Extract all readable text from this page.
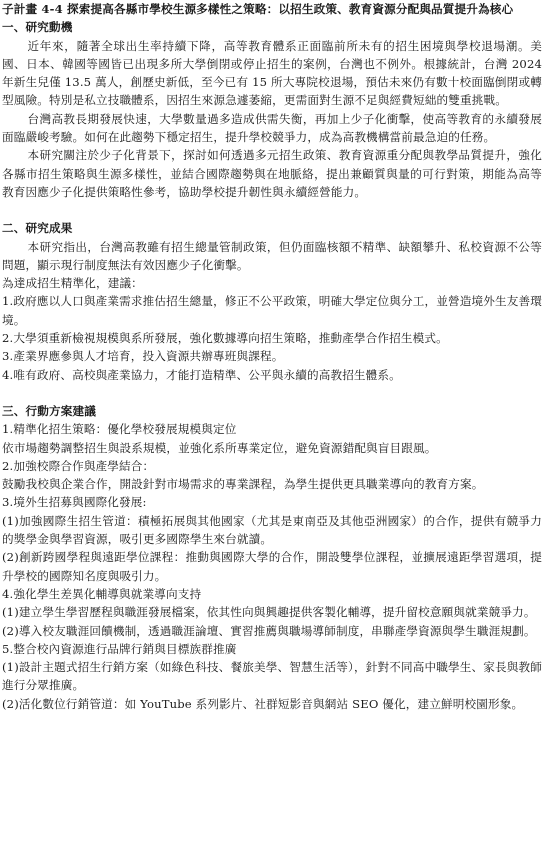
子計畫 4-4 探索提高各縣市學校生源多樣性之策略：以招生政策、教育資源分配與品質提升為核心

一、研究動機

近年來，隨著全球出生率持續下降，高等教育體系正面臨前所未有的招生困境與學校退場潮。美國、日本、韓國等國皆已出現多所大學倒閉或停止招生的案例，台灣也不例外。根據統計，台灣 2024 年新生兒僅 13.5 萬人，創歷史新低，至今已有 15 所大專院校退場，預估未來仍有數十校面臨倒閉或轉型風險。特別是私立技職體系，因招生來源急遽萎縮，更需面對生源不足與經費短絀的雙重挑戰。

台灣高教長期發展快速，大學數量過多造成供需失衡，再加上少子化衝擊，使高等教育的永續發展面臨嚴峻考驗。如何在此趨勢下穩定招生，提升學校競爭力，成為高教機構當前最急迫的任務。

本研究關注於少子化背景下，探討如何透過多元招生政策、教育資源重分配與教學品質提升，強化各縣市招生策略與生源多樣性，並結合國際趨勢與在地脈絡，提出兼顧質與量的可行對策，期能為高等教育因應少子化提供策略性參考，協助學校提升韌性與永續經營能力。

二、研究成果

本研究指出，台灣高教雖有招生總量管制政策，但仍面臨核額不精準、缺額攀升、私校資源不公等問題，顯示現行制度無法有效因應少子化衝擊。

為達成招生精準化，建議：

1.政府應以人口與產業需求推估招生總量，修正不公平政策，明確大學定位與分工，並營造境外生友善環境。

2.大學須重新檢視規模與系所發展，強化數據導向招生策略，推動產學合作招生模式。

3.產業界應參與人才培育，投入資源共辦專班與課程。

4.唯有政府、高校與產業協力，才能打造精準、公平與永續的高教招生體系。

三、行動方案建議

1.精準化招生策略：優化學校發展規模與定位

依市場趨勢調整招生與設系規模，並強化系所專業定位，避免資源錯配與盲目跟風。

2.加強校際合作與產學結合：

鼓勵我校與企業合作，開設針對市場需求的專業課程，為學生提供更具職業導向的教育方案。

3.境外生招募與國際化發展:

(1)加強國際生招生管道：積極拓展與其他國家（尤其是東南亞及其他亞洲國家）的合作，提供有競爭力的獎學金與學習資源，吸引更多國際學生來台就讀。

(2)創新跨國學程與遠距學位課程：推動與國際大學的合作，開設雙學位課程，並擴展遠距學習選項，提升學校的國際知名度與吸引力。

4.強化學生差異化輔導與就業導向支持

(1)建立學生學習歷程與職涯發展檔案，依其性向與興趣提供客製化輔導，提升留校意願與就業競爭力。

(2)導入校友職涯回饋機制，透過職涯論壇、實習推薦與職場導師制度，串聯產學資源與學生職涯規劃。

5.整合校內資源進行品牌行銷與目標族群推廣

(1)設計主題式招生行銷方案（如綠色科技、餐旅美學、智慧生活等），針對不同高中職學生、家長與教師進行分眾推廣。

(2)活化數位行銷管道：如 YouTube 系列影片、社群短影音與網站 SEO 優化，建立鮮明校園形象。
